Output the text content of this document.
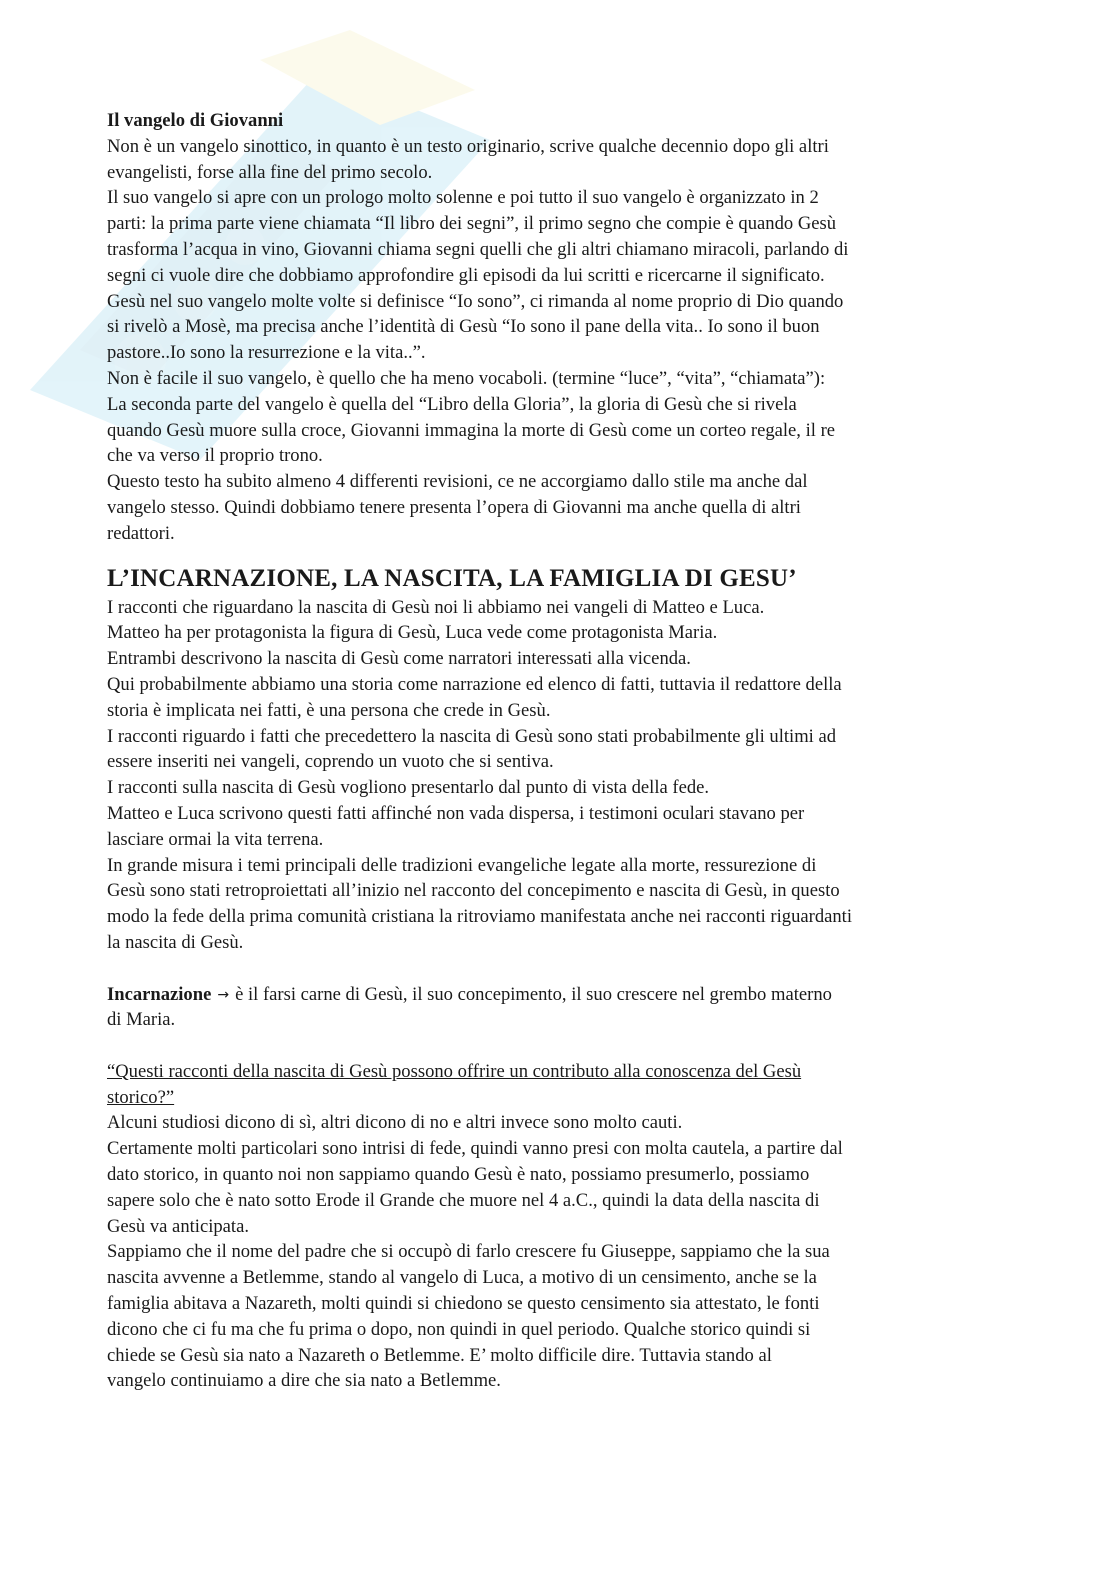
Il vangelo di Giovanni
Non è un vangelo sinottico, in quanto è un testo originario, scrive qualche decennio dopo gli altri
evangelisti, forse alla fine del primo secolo.
Il suo vangelo si apre con un prologo molto solenne e poi tutto il suo vangelo è organizzato in 2
parti: la prima parte viene chiamata “Il libro dei segni”, il primo segno che compie è quando Gesù
trasforma l’acqua in vino, Giovanni chiama segni quelli che gli altri chiamano miracoli, parlando di
segni ci vuole dire che dobbiamo approfondire gli episodi da lui scritti e ricercarne il significato.
Gesù nel suo vangelo molte volte si definisce “Io sono”, ci rimanda al nome proprio di Dio quando
si rivelò a Mosè, ma precisa anche l’identità di Gesù “Io sono il pane della vita.. Io sono il buon
pastore..Io sono la resurrezione e la vita..”.
Non è facile il suo vangelo, è quello che ha meno vocaboli. (termine “luce”, “vita”, “chiamata”):
La seconda parte del vangelo è quella del “Libro della Gloria”, la gloria di Gesù che si rivela
quando Gesù muore sulla croce, Giovanni immagina la morte di Gesù come un corteo regale, il re
che va verso il proprio trono.
Questo testo ha subito almeno 4 differenti revisioni, ce ne accorgiamo dallo stile ma anche dal
vangelo stesso. Quindi dobbiamo tenere presenta l’opera di Giovanni ma anche quella di altri
redattori.
L’INCARNAZIONE, LA NASCITA, LA FAMIGLIA DI GESU’
I racconti che riguardano la nascita di Gesù noi li abbiamo nei vangeli di Matteo e Luca.
Matteo ha per protagonista la figura di Gesù, Luca vede come protagonista Maria.
Entrambi descrivono la nascita di Gesù come narratori interessati alla vicenda.
Qui probabilmente abbiamo una storia come narrazione ed elenco di fatti, tuttavia il redattore della
storia è implicata nei fatti, è una persona che crede in Gesù.
I racconti riguardo i fatti che precedettero la nascita di Gesù sono stati probabilmente gli ultimi ad
essere inseriti nei vangeli, coprendo un vuoto che si sentiva.
I racconti sulla nascita di Gesù vogliono presentarlo dal punto di vista della fede.
Matteo e Luca scrivono questi fatti affinché non vada dispersa, i testimoni oculari stavano per
lasciare ormai la vita terrena.
In grande misura i temi principali delle tradizioni evangeliche legate alla morte, ressurezione di
Gesù sono stati retroproiettati all’inizio nel racconto del concepimento e nascita di Gesù, in questo
modo la fede della prima comunità cristiana la ritroviamo manifestata anche nei racconti riguardanti
la nascita di Gesù.
Incarnazione → è il farsi carne di Gesù, il suo concepimento, il suo crescere nel grembo materno
di Maria.
“Questi racconti della nascita di Gesù possono offrire un contributo alla conoscenza del Gesù
storico?”
Alcuni studiosi dicono di sì, altri dicono di no e altri invece sono molto cauti.
Certamente molti particolari sono intrisi di fede, quindi vanno presi con molta cautela, a partire dal
dato storico, in quanto noi non sappiamo quando Gesù è nato, possiamo presumerlo, possiamo
sapere solo che è nato sotto Erode il Grande che muore nel 4 a.C., quindi la data della nascita di
Gesù va anticipata.
Sappiamo che il nome del padre che si occupò di farlo crescere fu Giuseppe, sappiamo che la sua
nascita avvenne a Betlemme, stando al vangelo di Luca, a motivo di un censimento, anche se la
famiglia abitava a Nazareth, molti quindi si chiedono se questo censimento sia attestato, le fonti
dicono che ci fu ma che fu prima o dopo, non quindi in quel periodo. Qualche storico quindi si
chiede se Gesù sia nato a Nazareth o Betlemme. E’ molto difficile dire. Tuttavia stando al
vangelo continuiamo a dire che sia nato a Betlemme.
